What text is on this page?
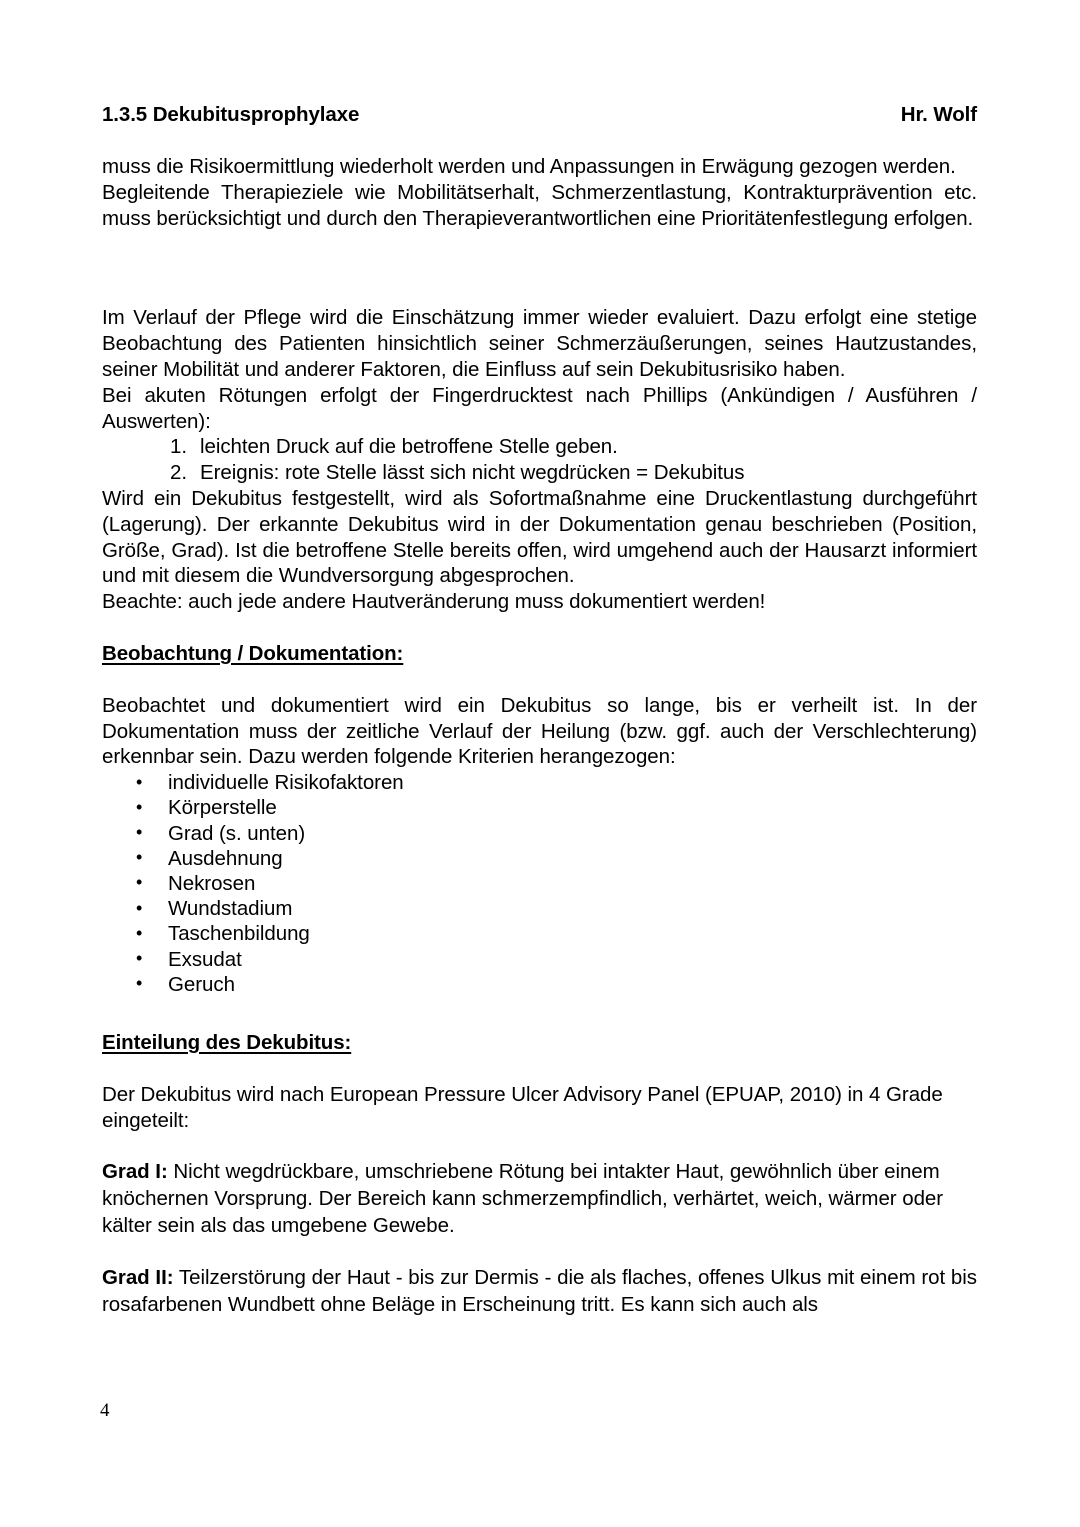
1.3.5 Dekubitusprophylaxe	Hr. Wolf

muss die Risikoermittlung wiederholt werden und Anpassungen in Erwägung gezogen werden.

Begleitende Therapieziele wie Mobilitätserhalt, Schmerzentlastung, Kontrakturprävention etc. muss berücksichtigt und durch den Therapieverantwortlichen eine Prioritätenfestlegung erfolgen.

Im Verlauf der Pflege wird die Einschätzung immer wieder evaluiert. Dazu erfolgt eine stetige Beobachtung des Patienten hinsichtlich seiner Schmerzäußerungen, seines Hautzustandes, seiner Mobilität und anderer Faktoren, die Einfluss auf sein Dekubitusrisiko haben.

Bei akuten Rötungen erfolgt der Fingerdrucktest nach Phillips (Ankündigen / Ausführen / Auswerten):

1. leichten Druck auf die betroffene Stelle geben.
2. Ereignis: rote Stelle lässt sich nicht wegdrücken = Dekubitus

Wird ein Dekubitus festgestellt, wird als Sofortmaßnahme eine Druckentlastung durchgeführt (Lagerung). Der erkannte Dekubitus wird in der Dokumentation genau beschrieben (Position, Größe, Grad). Ist die betroffene Stelle bereits offen, wird umgehend auch der Hausarzt informiert und mit diesem die Wundversorgung abgesprochen.

Beachte: auch jede andere Hautveränderung muss dokumentiert werden!

Beobachtung / Dokumentation:

Beobachtet und dokumentiert wird ein Dekubitus so lange, bis er verheilt ist. In der Dokumentation muss der zeitliche Verlauf der Heilung (bzw. ggf. auch der Verschlechterung) erkennbar sein. Dazu werden folgende Kriterien herangezogen:

• individuelle Risikofaktoren
• Körperstelle
• Grad (s. unten)
• Ausdehnung
• Nekrosen
• Wundstadium
• Taschenbildung
• Exsudat
• Geruch
Einteilung des Dekubitus:

Der Dekubitus wird nach European Pressure Ulcer Advisory Panel (EPUAP, 2010) in 4 Grade eingeteilt:

Grad I: Nicht wegdrückbare, umschriebene Rötung bei intakter Haut, gewöhnlich über einem knöchernen Vorsprung. Der Bereich kann schmerzempfindlich, verhärtet, weich, wärmer oder kälter sein als das umgebene Gewebe.

Grad II: Teilzerstörung der Haut - bis zur Dermis - die als flaches, offenes Ulkus mit einem rot bis rosafarbenen Wundbett ohne Beläge in Erscheinung tritt. Es kann sich auch als

4
